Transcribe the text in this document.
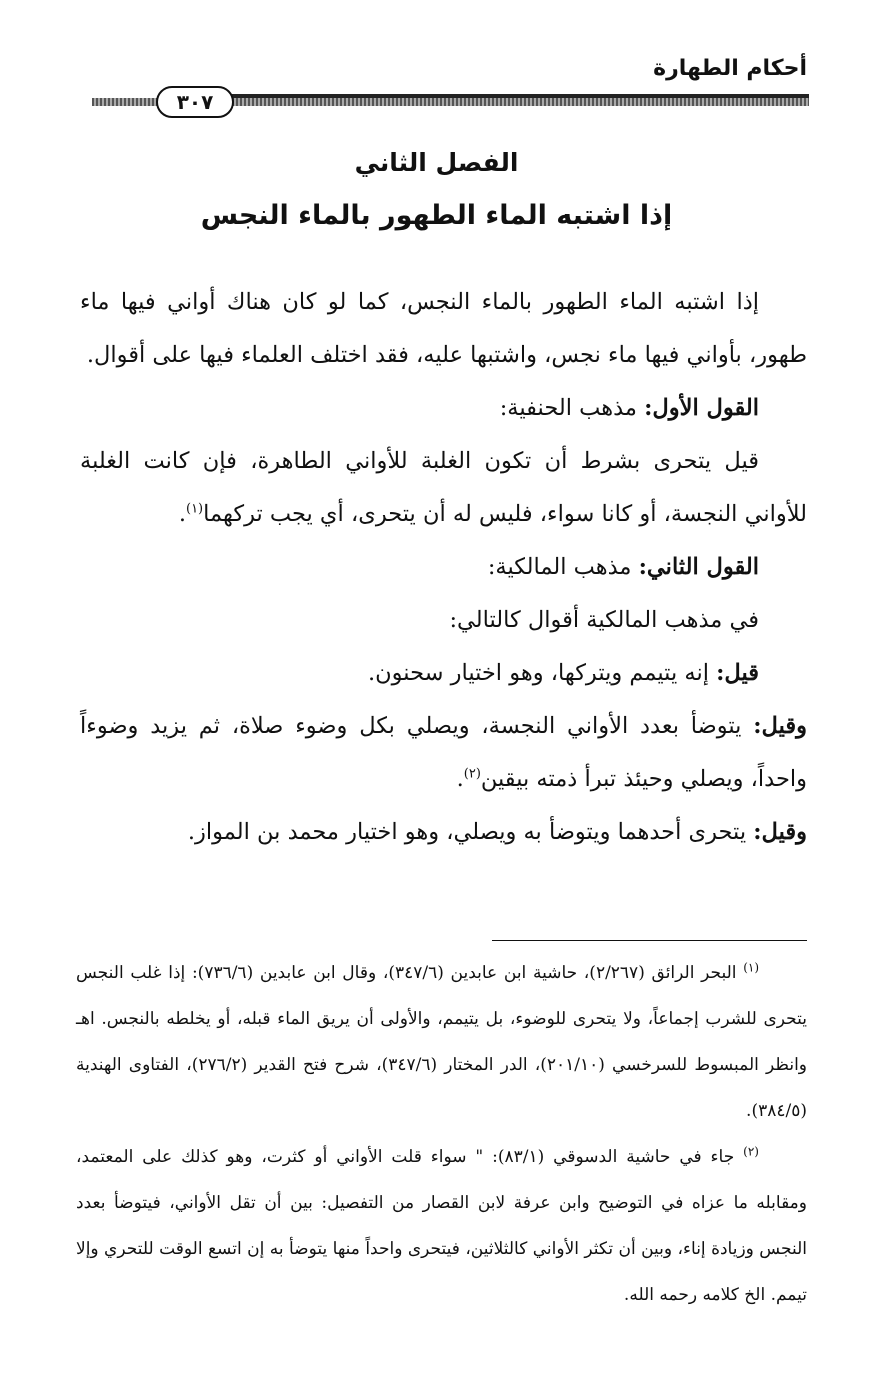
أحكام الطهارة
٣٠٧
الفصل الثاني
إذا اشتبه الماء الطهور بالماء النجس

إذا اشتبه الماء الطهور بالماء النجس، كما لو كان هناك أواني فيها ماء طهور، بأواني فيها ماء نجس، واشتبها عليه، فقد اختلف العلماء فيها على أقوال.

القول الأول: مذهب الحنفية:

قيل يتحرى بشرط أن تكون الغلبة للأواني الطاهرة، فإن كانت الغلبة للأواني النجسة، أو كانا سواء، فليس له أن يتحرى، أي يجب تركهما$^{(١)}$.

القول الثاني: مذهب المالكية:

في مذهب المالكية أقوال كالتالي:

قيل: إنه يتيمم ويتركها، وهو اختيار سحنون.

وقيل: يتوضأ بعدد الأواني النجسة، ويصلي بكل وضوء صلاة، ثم يزيد وضوءاً واحداً، ويصلي وحيئذ تبرأ ذمته بيقين$^{(٢)}$.

وقيل: يتحرى أحدهما ويتوضأ به ويصلي، وهو اختيار محمد بن المواز.

$^{(١)}$ البحر الرائق (٢/٢٦٧)، حاشية ابن عابدين (٣٤٧/٦)، وقال ابن عابدين (٧٣٦/٦): إذا غلب النجس يتحرى للشرب إجماعاً، ولا يتحرى للوضوء، بل يتيمم، والأولى أن يريق الماء قبله، أو يخلطه بالنجس. اهـ وانظر المبسوط للسرخسي (٢٠١/١٠)، الدر المختار (٣٤٧/٦)، شرح فتح القدير (٢٧٦/٢)، الفتاوى الهندية (٣٨٤/٥).

$^{(٢)}$ جاء في حاشية الدسوقي (٨٣/١): " سواء قلت الأواني أو كثرت، وهو كذلك على المعتمد، ومقابله ما عزاه في التوضيح وابن عرفة لابن القصار من التفصيل: بين أن تقل الأواني، فيتوضأ بعدد النجس وزيادة إناء، وبين أن تكثر الأواني كالثلاثين، فيتحرى واحداً منها يتوضأ به إن اتسع الوقت للتحري وإلا تيمم. الخ كلامه رحمه الله.
